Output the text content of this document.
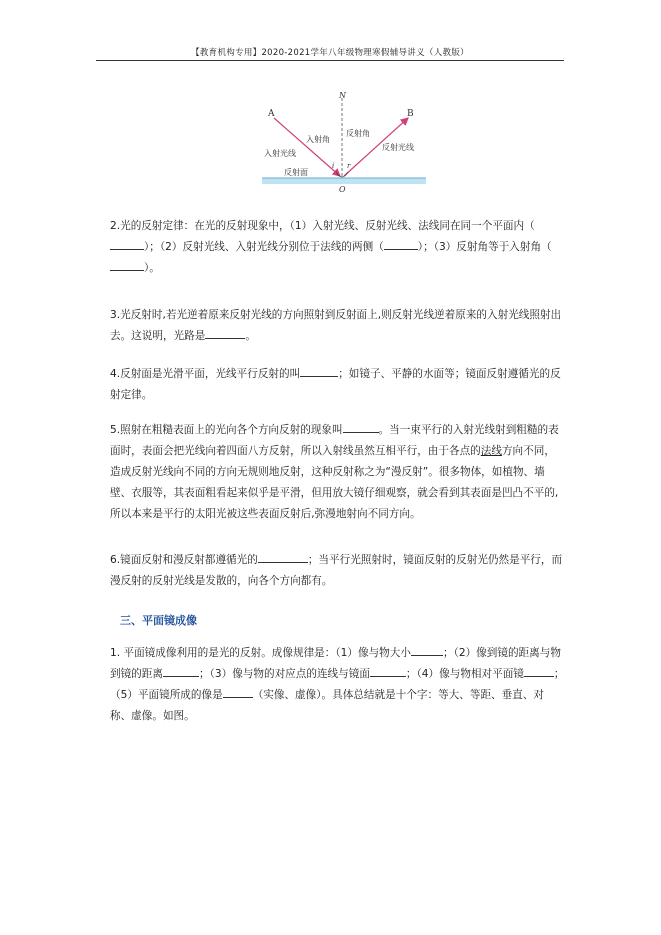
【教育机构专用】2020-2021学年八年级物理寒假辅导讲义（人教版）
N
A	B
O
i r
入射角
反射角
入射光线
反射光线
反射面

2.光的反射定律：在光的反射现象中，（1）入射光线、反射光线、法线同在同一个平面内（）；（2）反射光线、入射光线分别位于法线的两侧（	）；（3）反射角等于入射角（）。

3.光反射时,若光逆着原来反射光线的方向照射到反射面上,则反射光线逆着原来的入射光线照射出去。这说明，光路是	。

4.反射面是光滑平面，光线平行反射的叫	；如镜子、平静的水面等；镜面反射遵循光的反射定律。

5.照射在粗糙表面上的光向各个方向反射的现象叫	。当一束平行的入射光线射到粗糙的表面时，表面会把光线向着四面八方反射，所以入射线虽然互相平行，由于各点的法线方向不同，造成反射光线向不同的方向无规则地反射，这种反射称之为“漫反射”。很多物体，如植物、墙壁、衣服等，其表面粗看起来似乎是平滑，但用放大镜仔细观察，就会看到其表面是凹凸不平的,所以本来是平行的太阳光被这些表面反射后,弥漫地射向不同方向。

6.镜面反射和漫反射都遵循光的	；当平行光照射时，镜面反射的反射光仍然是平行，而漫反射的反射光线是发散的，向各个方向都有。

三、平面镜成像

1. 平面镜成像利用的是光的反射。成像规律是：（1）像与物大小	；（2）像到镜的距离与物到镜的距离	；（3）像与物的对应点的连线与镜面	；（4）像与物相对平面镜	；（5）平面镜所成的像是	（实像、虚像）。具体总结就是十个字：等大、等距、垂直、对称、虚像。如图。
